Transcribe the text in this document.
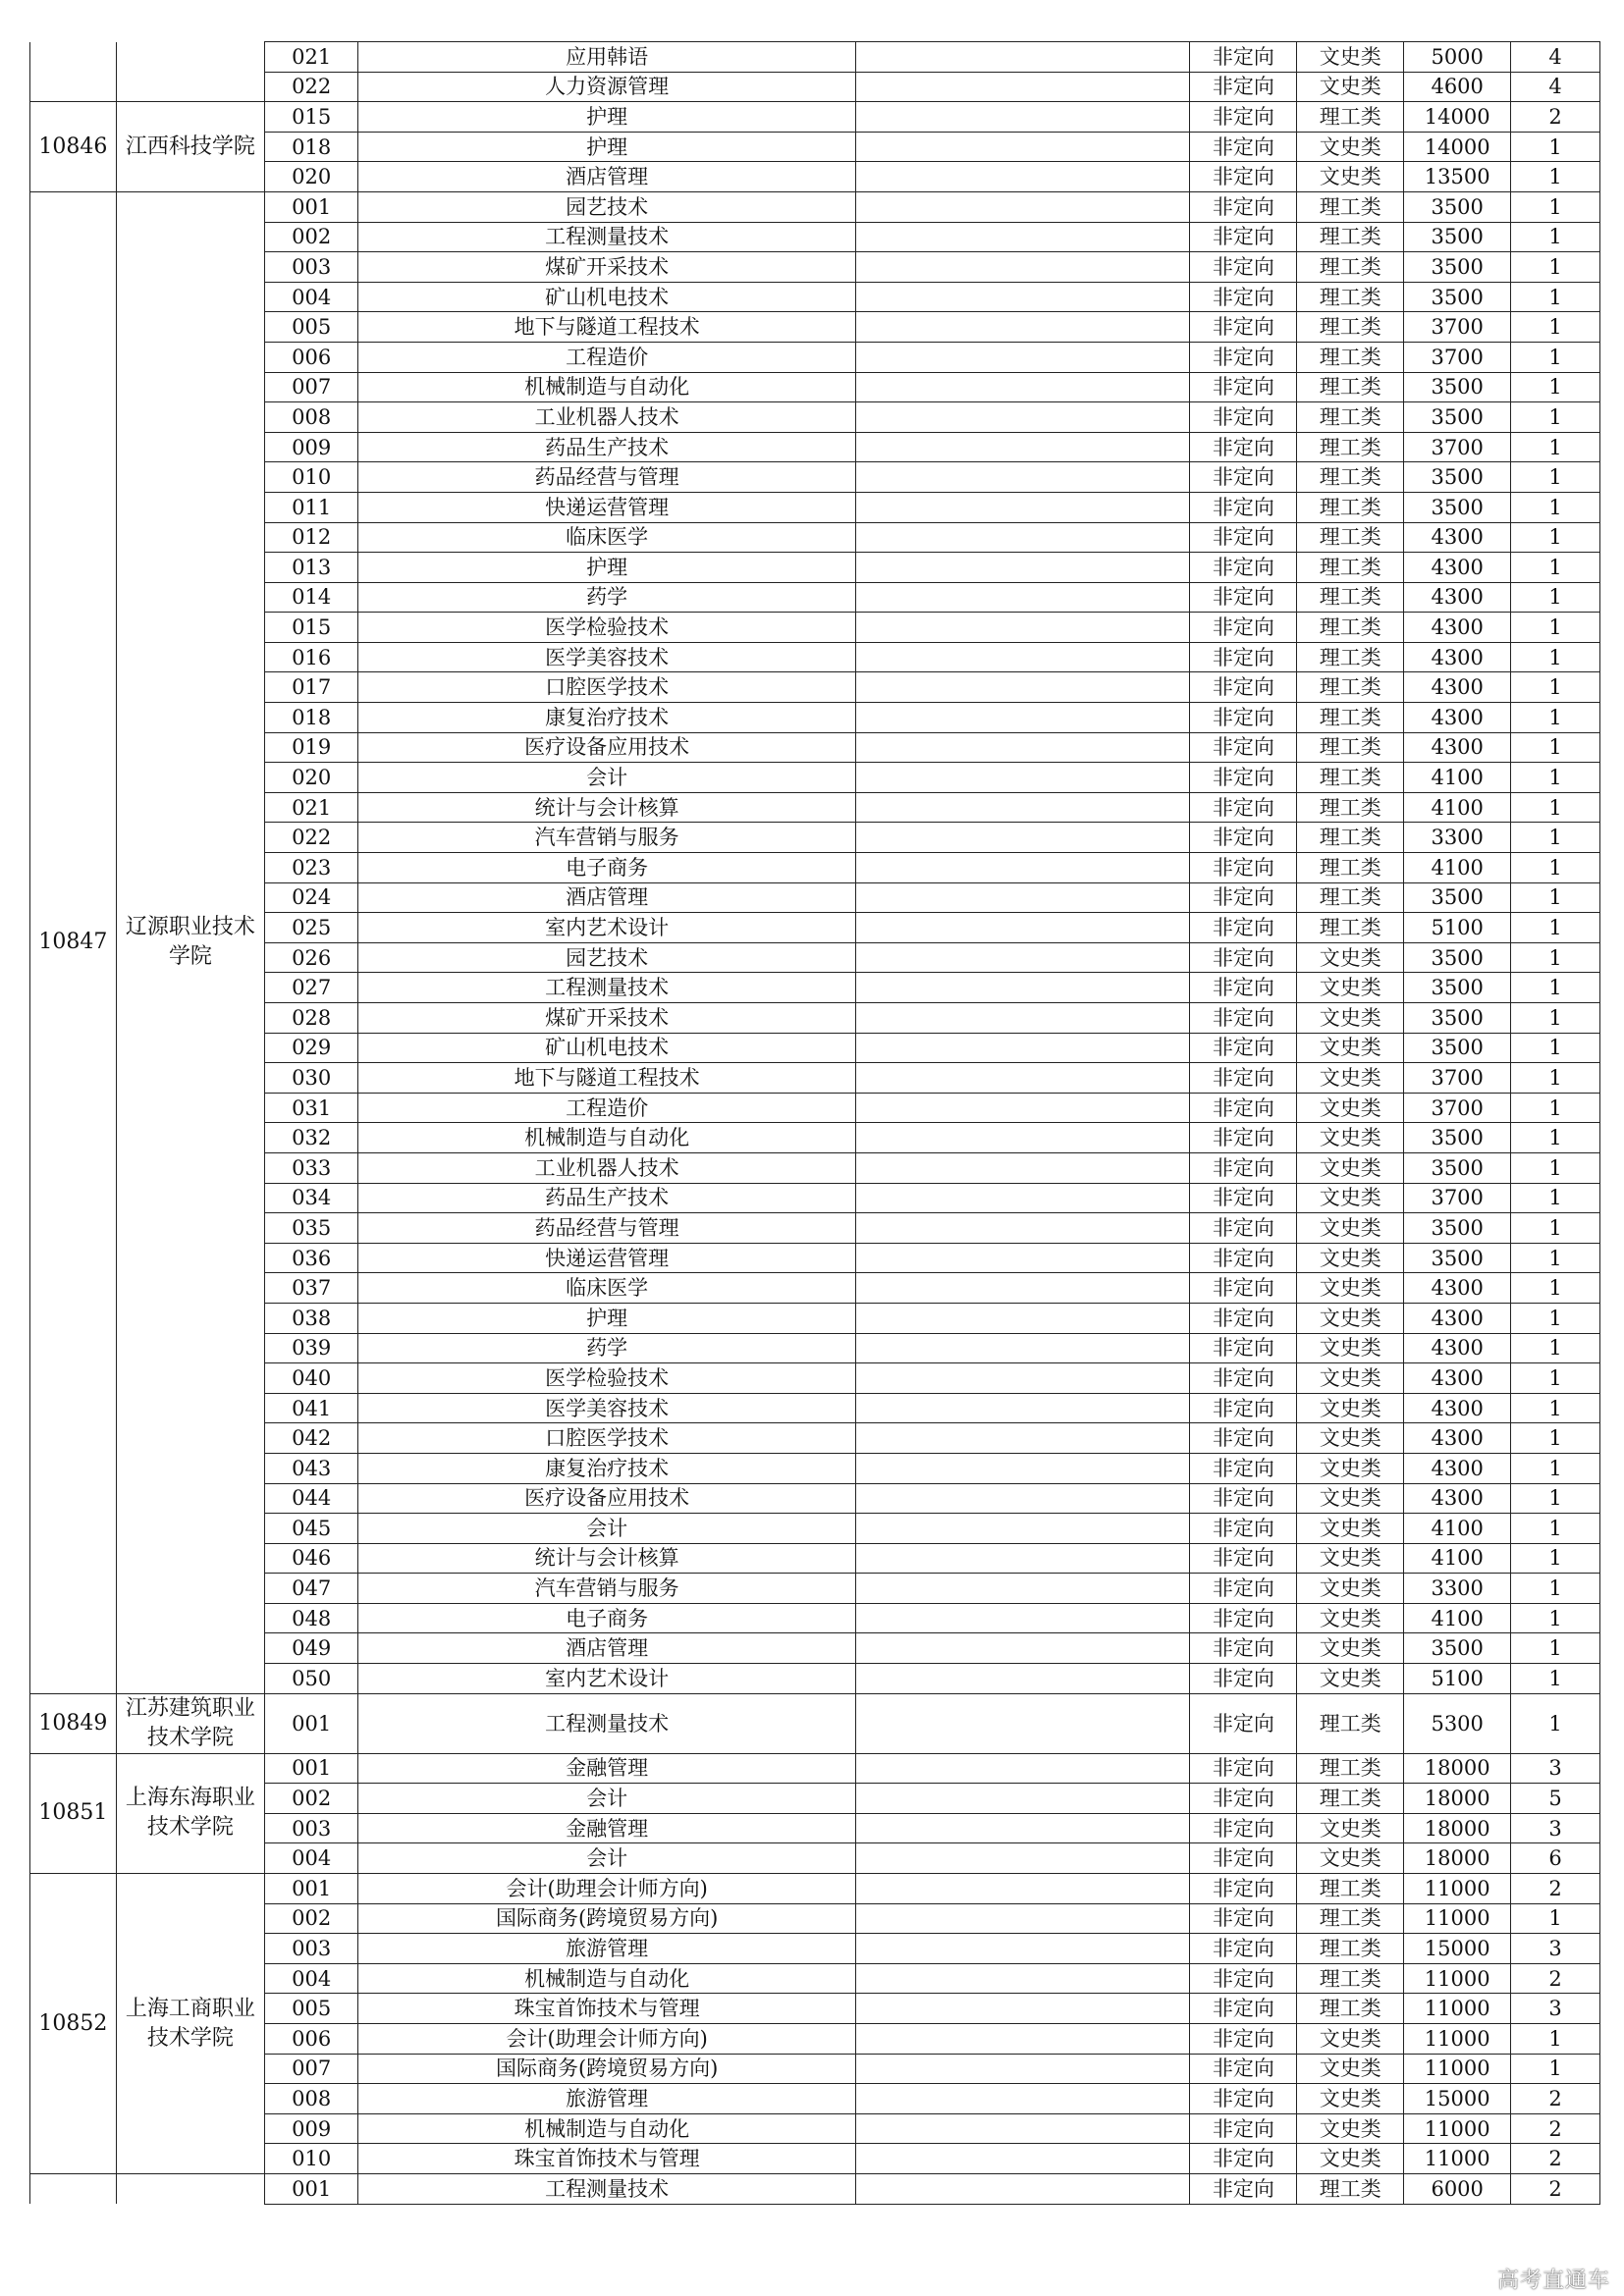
		021	应用韩语		非定向	文史类	5000	4
		022	人力资源管理		非定向	文史类	4600	4
10846	江西科技学院	015	护理		非定向	理工类	14000	2
		018	护理		非定向	文史类	14000	1
		020	酒店管理		非定向	文史类	13500	1
10847	辽源职业技术学院	001	园艺技术		非定向	理工类	3500	1
		002	工程测量技术		非定向	理工类	3500	1
		003	煤矿开采技术		非定向	理工类	3500	1
		004	矿山机电技术		非定向	理工类	3500	1
		005	地下与隧道工程技术		非定向	理工类	3700	1
		006	工程造价		非定向	理工类	3700	1
		007	机械制造与自动化		非定向	理工类	3500	1
		008	工业机器人技术		非定向	理工类	3500	1
		009	药品生产技术		非定向	理工类	3700	1
		010	药品经营与管理		非定向	理工类	3500	1
		011	快递运营管理		非定向	理工类	3500	1
		012	临床医学		非定向	理工类	4300	1
		013	护理		非定向	理工类	4300	1
		014	药学		非定向	理工类	4300	1
		015	医学检验技术		非定向	理工类	4300	1
		016	医学美容技术		非定向	理工类	4300	1
		017	口腔医学技术		非定向	理工类	4300	1
		018	康复治疗技术		非定向	理工类	4300	1
		019	医疗设备应用技术		非定向	理工类	4300	1
		020	会计		非定向	理工类	4100	1
		021	统计与会计核算		非定向	理工类	4100	1
		022	汽车营销与服务		非定向	理工类	3300	1
		023	电子商务		非定向	理工类	4100	1
		024	酒店管理		非定向	理工类	3500	1
		025	室内艺术设计		非定向	理工类	5100	1
		026	园艺技术		非定向	文史类	3500	1
		027	工程测量技术		非定向	文史类	3500	1
		028	煤矿开采技术		非定向	文史类	3500	1
		029	矿山机电技术		非定向	文史类	3500	1
		030	地下与隧道工程技术		非定向	文史类	3700	1
		031	工程造价		非定向	文史类	3700	1
		032	机械制造与自动化		非定向	文史类	3500	1
		033	工业机器人技术		非定向	文史类	3500	1
		034	药品生产技术		非定向	文史类	3700	1
		035	药品经营与管理		非定向	文史类	3500	1
		036	快递运营管理		非定向	文史类	3500	1
		037	临床医学		非定向	文史类	4300	1
		038	护理		非定向	文史类	4300	1
		039	药学		非定向	文史类	4300	1
		040	医学检验技术		非定向	文史类	4300	1
		041	医学美容技术		非定向	文史类	4300	1
		042	口腔医学技术		非定向	文史类	4300	1
		043	康复治疗技术		非定向	文史类	4300	1
		044	医疗设备应用技术		非定向	文史类	4300	1
		045	会计		非定向	文史类	4100	1
		046	统计与会计核算		非定向	文史类	4100	1
		047	汽车营销与服务		非定向	文史类	3300	1
		048	电子商务		非定向	文史类	4100	1
		049	酒店管理		非定向	文史类	3500	1
		050	室内艺术设计		非定向	文史类	5100	1
10849	江苏建筑职业技术学院	001	工程测量技术		非定向	理工类	5300	1
10851	上海东海职业技术学院	001	金融管理		非定向	理工类	18000	3
		002	会计		非定向	理工类	18000	5
		003	金融管理		非定向	文史类	18000	3
		004	会计		非定向	文史类	18000	6
10852	上海工商职业技术学院	001	会计(助理会计师方向)		非定向	理工类	11000	2
		002	国际商务(跨境贸易方向)		非定向	理工类	11000	1
		003	旅游管理		非定向	理工类	15000	3
		004	机械制造与自动化		非定向	理工类	11000	2
		005	珠宝首饰技术与管理		非定向	理工类	11000	3
		006	会计(助理会计师方向)		非定向	文史类	11000	1
		007	国际商务(跨境贸易方向)		非定向	文史类	11000	1
		008	旅游管理		非定向	文史类	15000	2
		009	机械制造与自动化		非定向	文史类	11000	2
		010	珠宝首饰技术与管理		非定向	文史类	11000	2
		001	工程测量技术		非定向	理工类	6000	2
高考直通车
